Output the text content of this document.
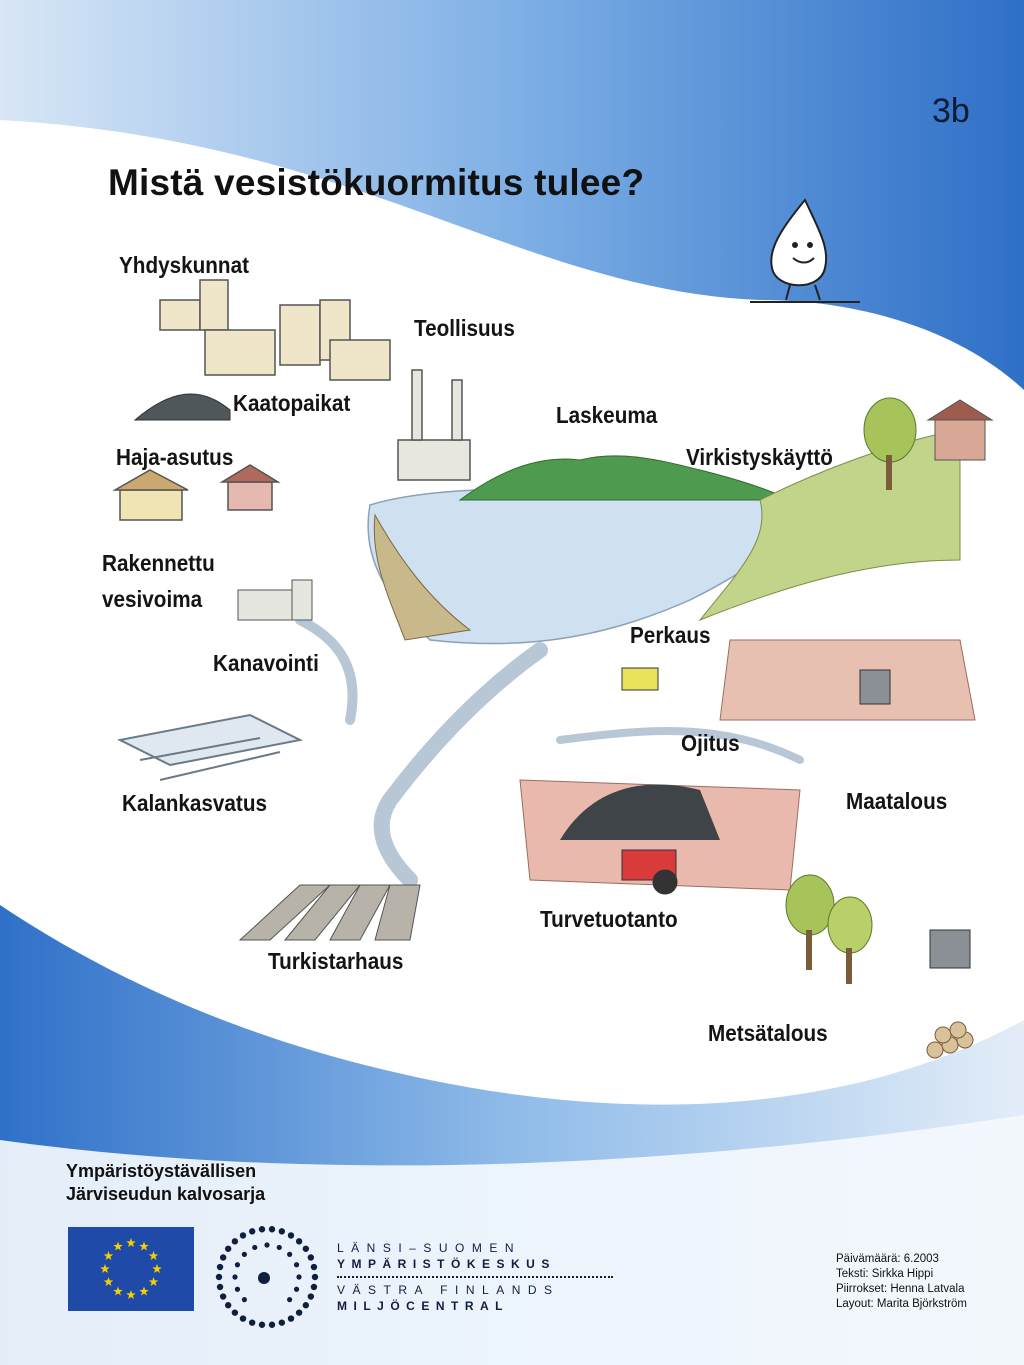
3b
Mistä vesistökuormitus tulee?
Yhdyskunnat
Teollisuus
Kaatopaikat	Laskeuma
Haja-asutus	Virkistyskäyttö
Rakennettu
vesivoima
Perkaus
Kanavointi
Ojitus
Kalankasvatus	Maatalous
Turvetuotanto
Turkistarhaus
Metsätalous
Ympäristöystävällisen
Järviseudun kalvosarja
LÄNSI–SUOMEN
YMPÄRISTÖKESKUS
VÄSTRA FINLANDS
MILJÖCENTRAL
Päivämäärä: 6.2003
Teksti: Sirkka Hippi
Piirrokset: Henna Latvala
Layout: Marita Björkström
